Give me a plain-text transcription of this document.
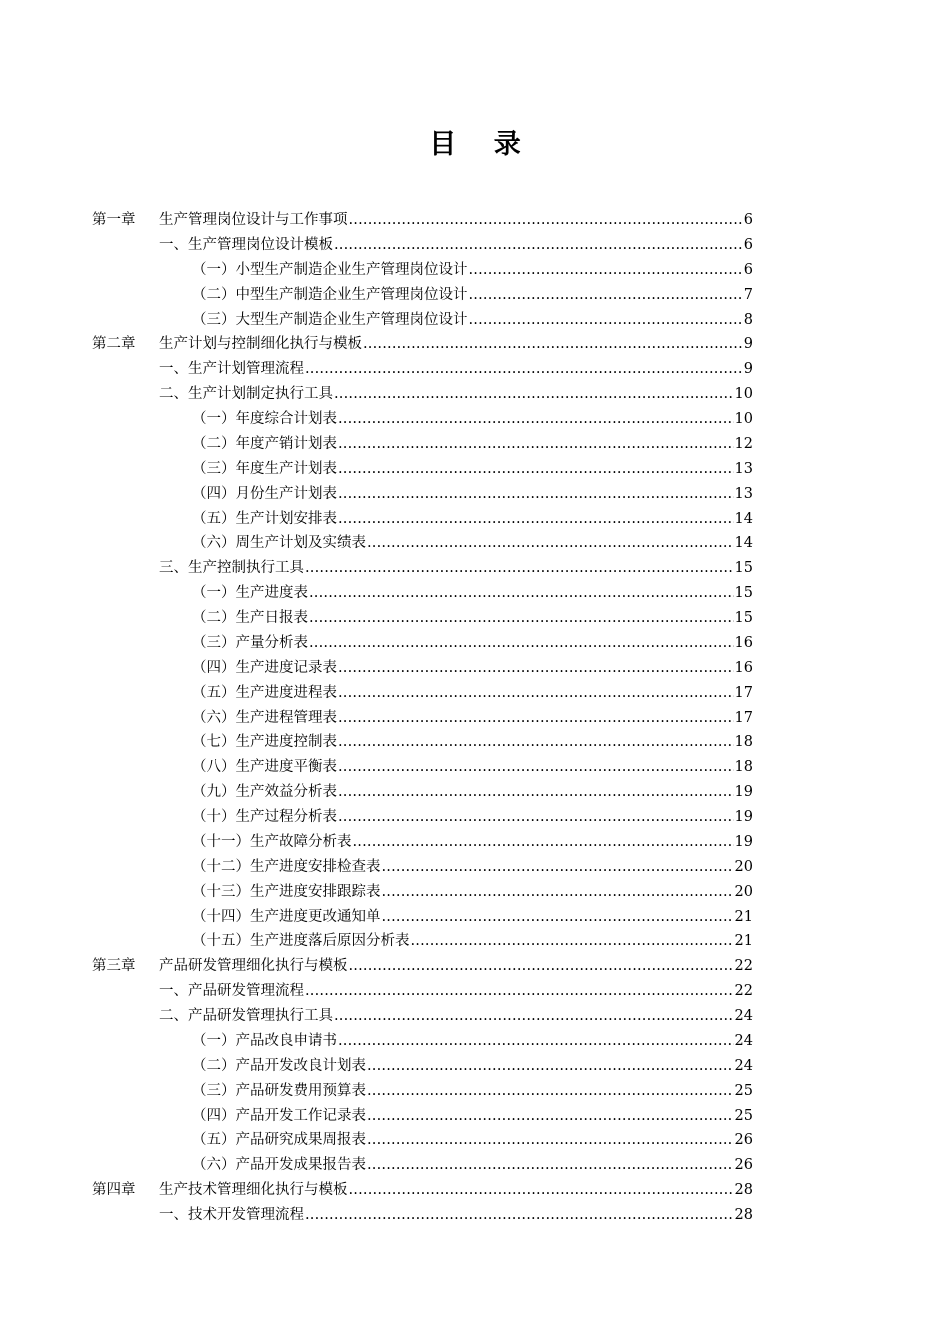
目 录
第一章	生产管理岗位设计与工作事项 .....	6
一、生产管理岗位设计模板 .....	6
（一）小型生产制造企业生产管理岗位设计 .....	6
（二）中型生产制造企业生产管理岗位设计 .....	7
（三）大型生产制造企业生产管理岗位设计 .....	8
第二章	生产计划与控制细化执行与模板 .....	9
一、生产计划管理流程 .....	9
二、生产计划制定执行工具 .....	10
（一）年度综合计划表 .....	10
（二）年度产销计划表 .....	12
（三）年度生产计划表 .....	13
（四）月份生产计划表 .....	13
（五）生产计划安排表 .....	14
（六）周生产计划及实绩表 .....	14
三、生产控制执行工具 .....	15
（一）生产进度表 .....	15
（二）生产日报表 .....	15
（三）产量分析表 .....	16
（四）生产进度记录表 .....	16
（五）生产进度进程表 .....	17
（六）生产进程管理表 .....	17
（七）生产进度控制表 .....	18
（八）生产进度平衡表 .....	18
（九）生产效益分析表 .....	19
（十）生产过程分析表 .....	19
（十一）生产故障分析表 .....	19
（十二）生产进度安排检查表 .....	20
（十三）生产进度安排跟踪表 .....	20
（十四）生产进度更改通知单 .....	21
（十五）生产进度落后原因分析表 .....	21
第三章	产品研发管理细化执行与模板 .....	22
一、产品研发管理流程 .....	22
二、产品研发管理执行工具 .....	24
（一）产品改良申请书 .....	24
（二）产品开发改良计划表 .....	24
（三）产品研发费用预算表 .....	25
（四）产品开发工作记录表 .....	25
（五）产品研究成果周报表 .....	26
（六）产品开发成果报告表 .....	26
第四章	生产技术管理细化执行与模板 .....	28
一、技术开发管理流程 .....	28
